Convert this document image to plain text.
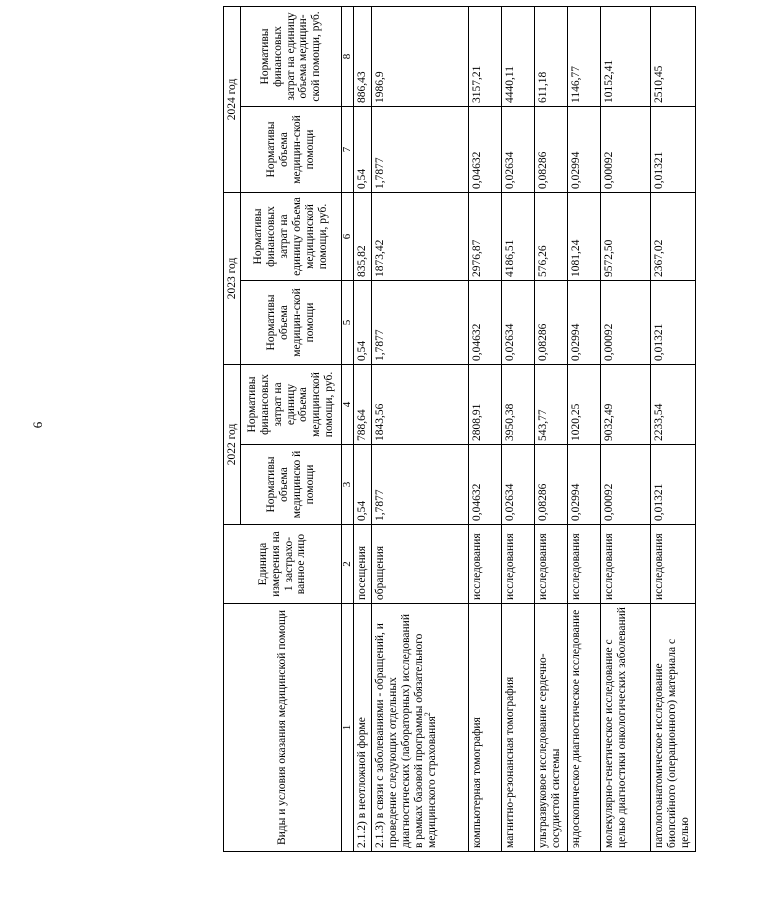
6
Виды и условия оказания медицинской помощи	Единица измерения на 1 застрахо-ванное лицо	2022 год		2023 год		2024 год	
		Нормативы объема медицинско й помощи	Нормативы финансовых затрат на единицу объема медицинской помощи, руб.	Нормативы объема медицин-ской помощи	Нормативы финансовых затрат на единицу объема медицинской помощи, руб.	Нормативы объема медицин-ской помощи	Нормативы финансовых затрат на единицу объема медицин-ской помощи, руб.
1	2	3	4	5	6	7	8
2.1.2) в неотложной форме	посещения	0,54	788,64	0,54	835,82	0,54	886,43
2.1.3) в связи с заболеваниями - обращений, и проведение следующих отдельных диагностических (лабораторных) исследований в рамках базовой программы обязательного медицинского страхования$^2$	обращения	1,7877	1843,56	1,7877	1873,42	1,7877	1986,9
компьютерная томография	исследования	0,04632	2808,91	0,04632	2976,87	0,04632	3157,21
магнитно-резонансная томография	исследования	0,02634	3950,38	0,02634	4186,51	0,02634	4440,11
ультразвуковое исследование сердечно-сосудистой системы	исследования	0,08286	543,77	0,08286	576,26	0,08286	611,18
эндоскопическое диагностическое исследование	исследования	0,02994	1020,25	0,02994	1081,24	0,02994	1146,77
молекулярно-генетическое исследование с целью диагностики онкологических заболеваний	исследования	0,00092	9032,49	0,00092	9572,50	0,00092	10152,41
патологоанатомическое исследование биопсийного (операционного) материала с целью	исследования	0,01321	2233,54	0,01321	2367,02	0,01321	2510,45
